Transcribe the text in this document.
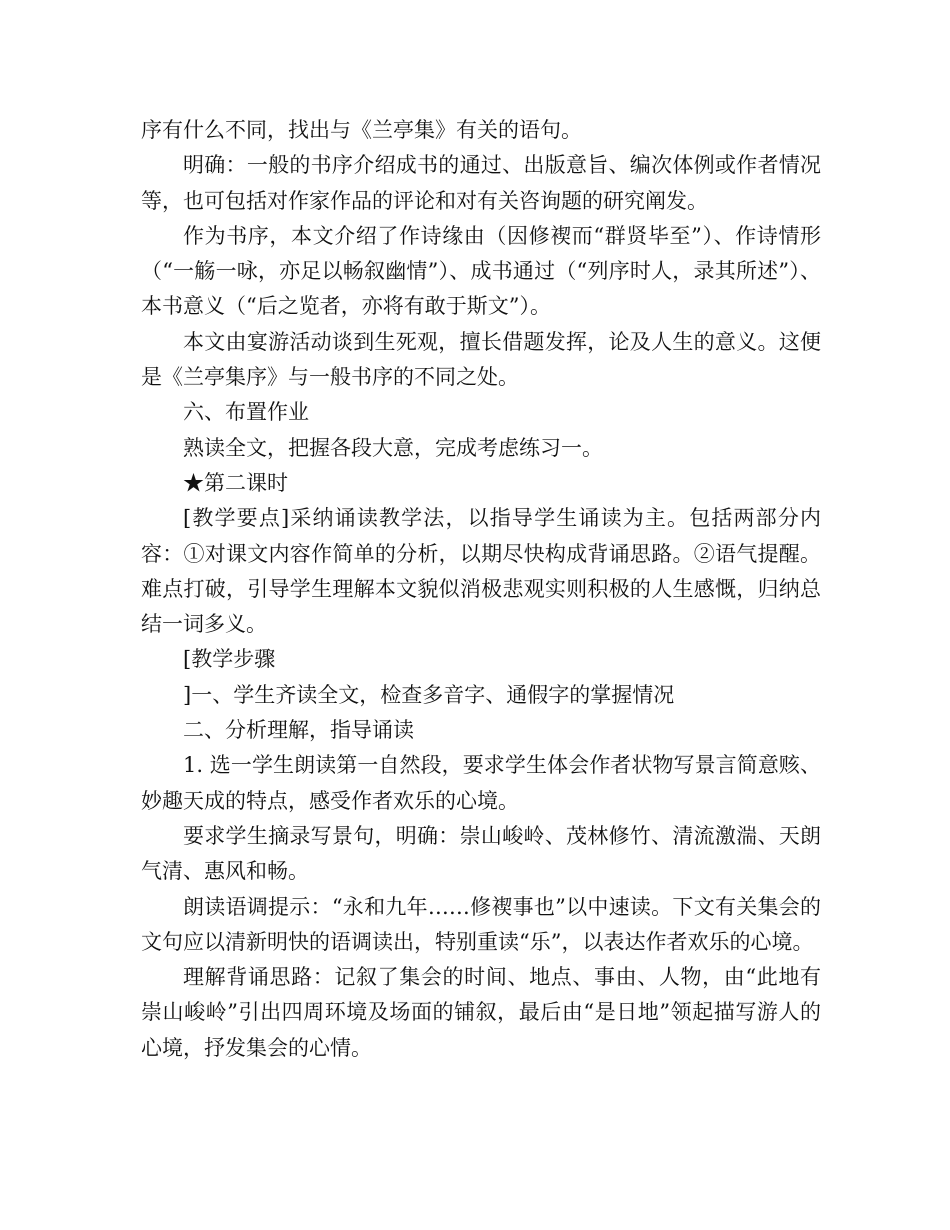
序有什么不同，找出与《兰亭集》有关的语句。

明确：一般的书序介绍成书的通过、出版意旨、编次体例或作者情况等，也可包括对作家作品的评论和对有关咨询题的研究阐发。

作为书序，本文介绍了作诗缘由（因修褉而“群贤毕至”）、作诗情形（“一觞一咏，亦足以畅叙幽情”）、成书通过（“列序时人，录其所述”）、本书意义（“后之览者，亦将有敢于斯文”）。

本文由宴游活动谈到生死观，擅长借题发挥，论及人生的意义。这便是《兰亭集序》与一般书序的不同之处。

六、布置作业

熟读全文，把握各段大意，完成考虑练习一。

★第二课时

[教学要点]采纳诵读教学法，以指导学生诵读为主。包括两部分内容：①对课文内容作简单的分析，以期尽快构成背诵思路。②语气提醒。难点打破，引导学生理解本文貌似消极悲观实则积极的人生感慨，归纳总结一词多义。

[教学步骤

]一、学生齐读全文，检查多音字、通假字的掌握情况

二、分析理解，指导诵读

1. 选一学生朗读第一自然段，要求学生体会作者状物写景言简意赅、妙趣天成的特点，感受作者欢乐的心境。

要求学生摘录写景句，明确：崇山峻岭、茂林修竹、清流激湍、天朗气清、惠风和畅。

朗读语调提示：“永和九年……修褉事也”以中速读。下文有关集会的文句应以清新明快的语调读出，特别重读“乐”，以表达作者欢乐的心境。

理解背诵思路：记叙了集会的时间、地点、事由、人物，由“此地有崇山峻岭”引出四周环境及场面的铺叙，最后由“是日地”领起描写游人的心境，抒发集会的心情。
